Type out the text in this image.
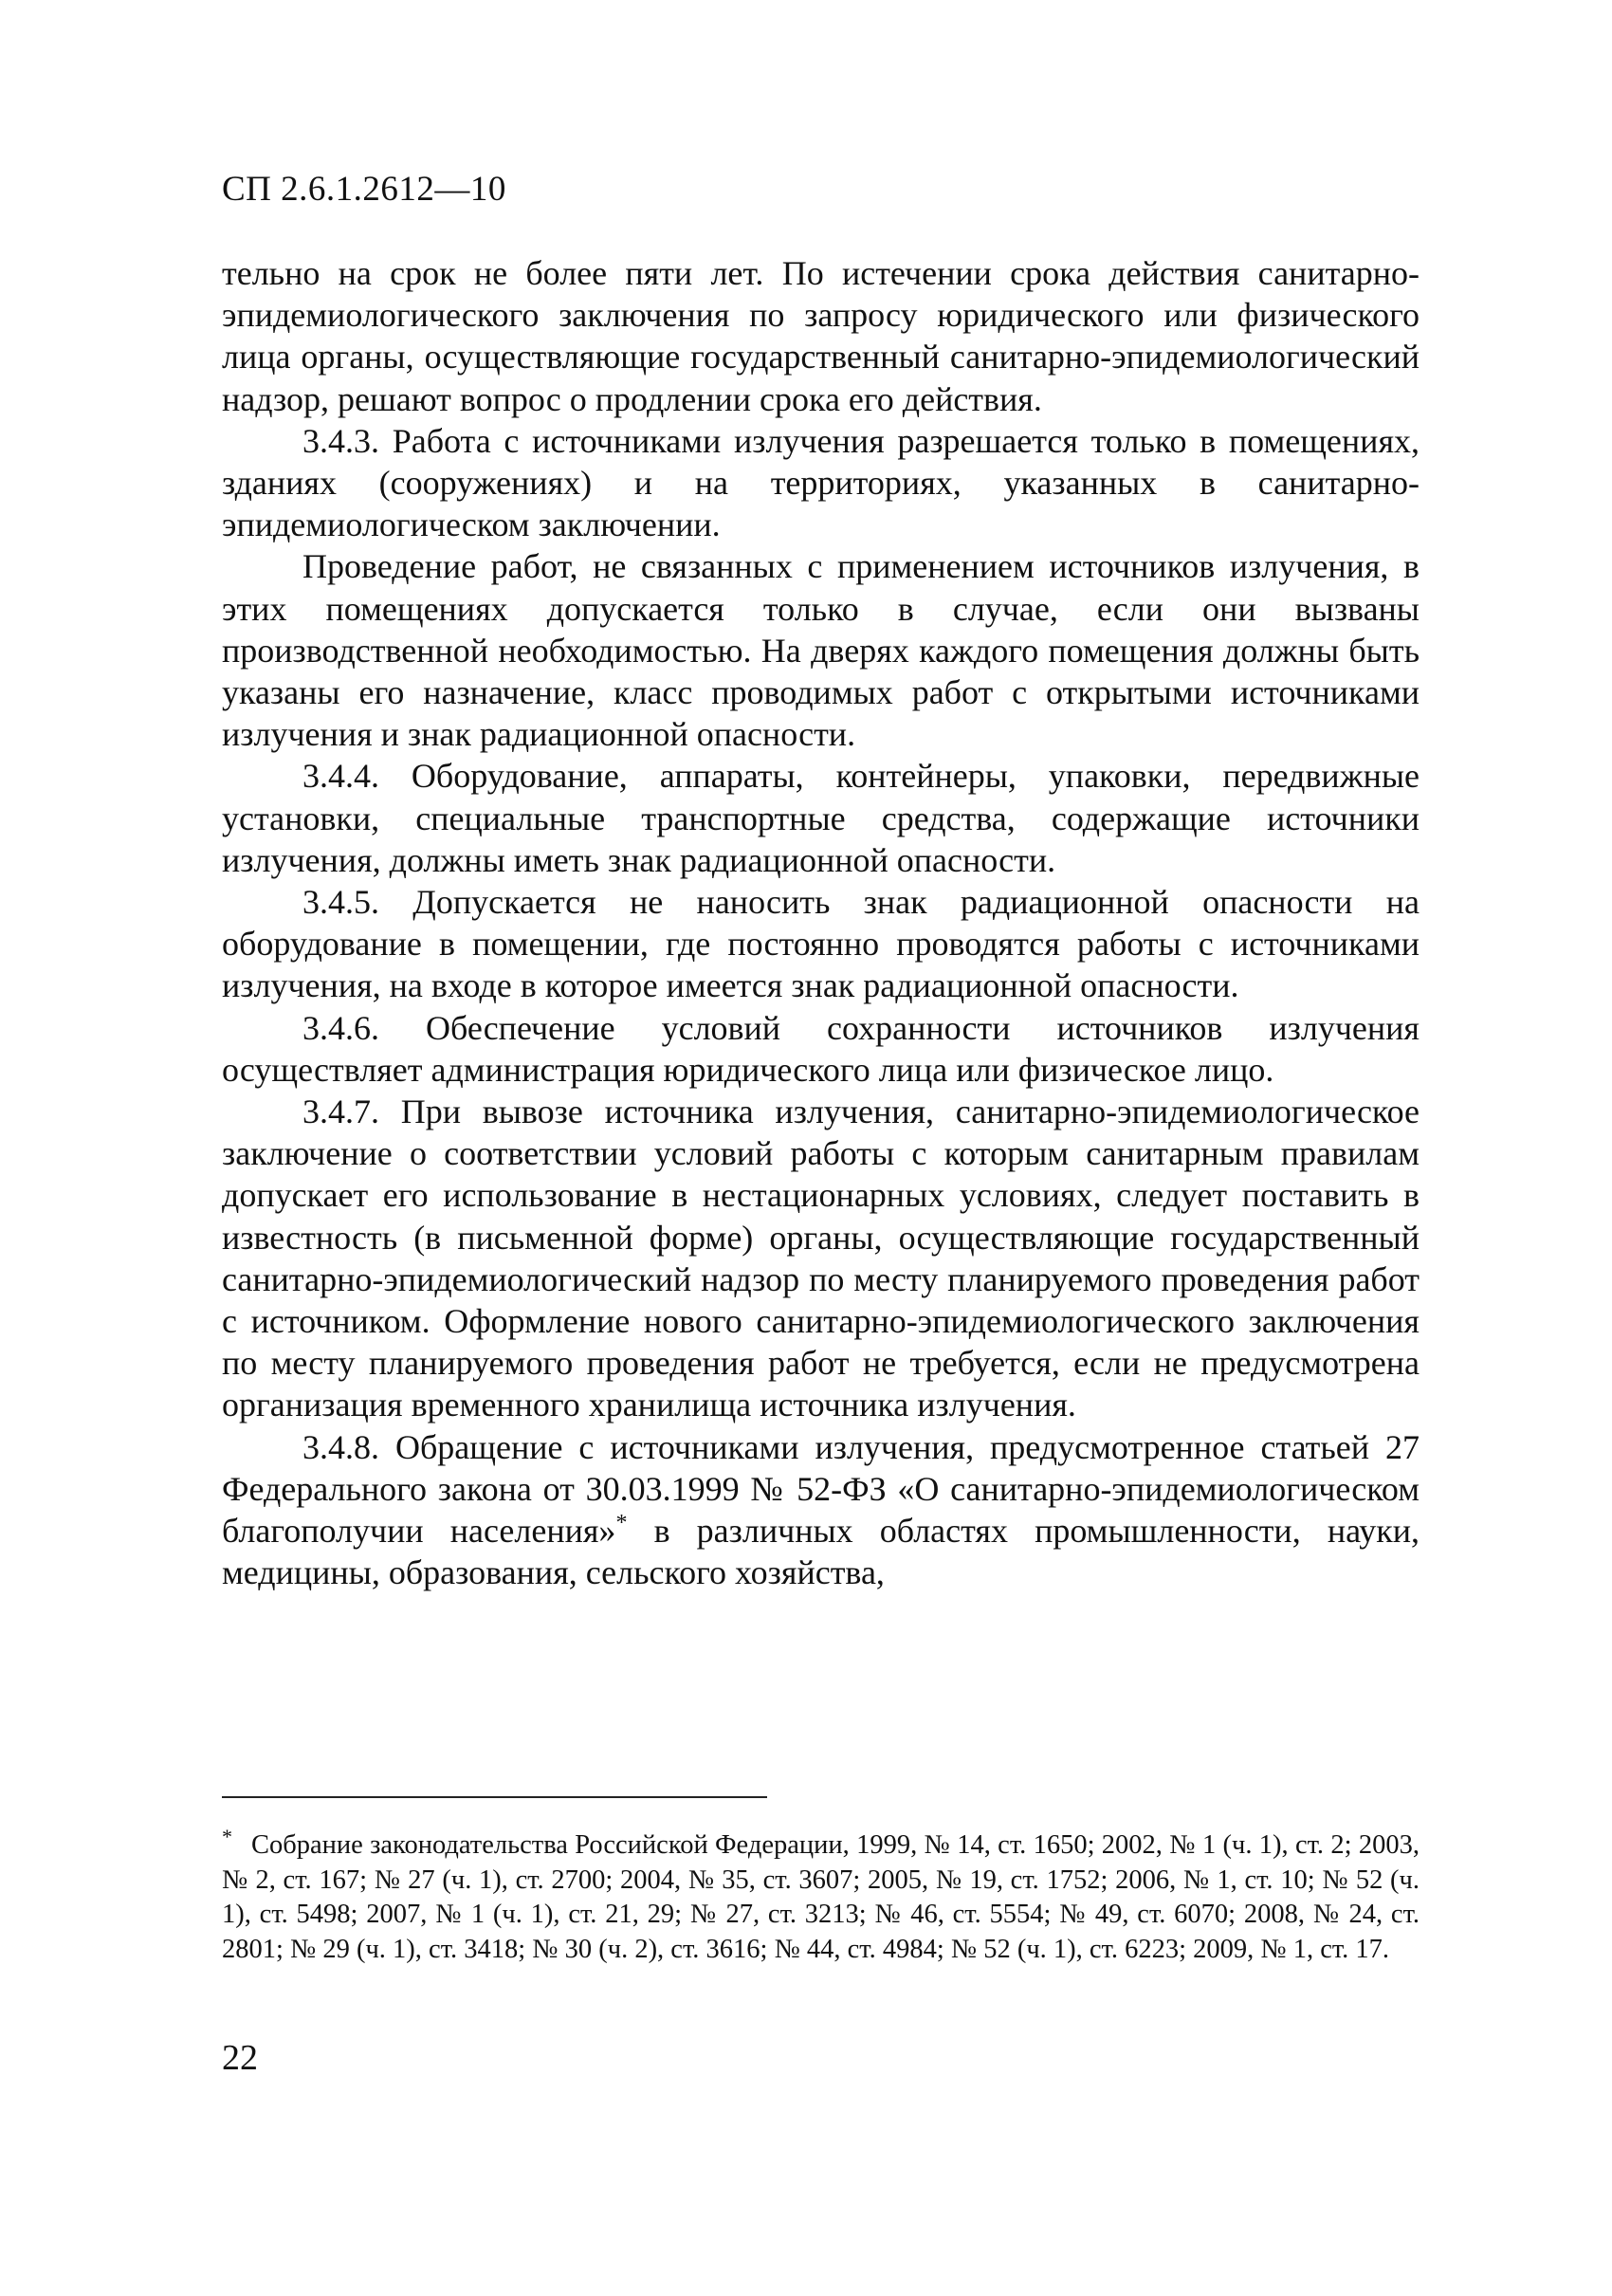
СП 2.6.1.2612—10

тельно на срок не более пяти лет. По истечении срока действия санитарно-эпидемиологического заключения по запросу юридического или физического лица органы, осуществляющие государственный санитарно-эпидемиологический надзор, решают вопрос о продлении срока его действия.

3.4.3. Работа с источниками излучения разрешается только в помещениях, зданиях (сооружениях) и на территориях, указанных в санитарно-эпидемиологическом заключении.

Проведение работ, не связанных с применением источников излучения, в этих помещениях допускается только в случае, если они вызваны производственной необходимостью. На дверях каждого помещения должны быть указаны его назначение, класс проводимых работ с открытыми источниками излучения и знак радиационной опасности.

3.4.4. Оборудование, аппараты, контейнеры, упаковки, передвижные установки, специальные транспортные средства, содержащие источники излучения, должны иметь знак радиационной опасности.

3.4.5. Допускается не наносить знак радиационной опасности на оборудование в помещении, где постоянно проводятся работы с источниками излучения, на входе в которое имеется знак радиационной опасности.

3.4.6. Обеспечение условий сохранности источников излучения осуществляет администрация юридического лица или физическое лицо.

3.4.7. При вывозе источника излучения, санитарно-эпидемиологическое заключение о соответствии условий работы с которым санитарным правилам допускает его использование в нестационарных условиях, следует поставить в известность (в письменной форме) органы, осуществляющие государственный санитарно-эпидемиологический надзор по месту планируемого проведения работ с источником. Оформление нового санитарно-эпидемиологического заключения по месту планируемого проведения работ не требуется, если не предусмотрена организация временного хранилища источника излучения.

3.4.8. Обращение с источниками излучения, предусмотренное статьей 27 Федерального закона от 30.03.1999 № 52-ФЗ «О санитарно-эпидемиологическом благополучии населения»* в различных областях промышленности, науки, медицины, образования, сельского хозяйства,

* Собрание законодательства Российской Федерации, 1999, № 14, ст. 1650; 2002, № 1 (ч. 1), ст. 2; 2003, № 2, ст. 167; № 27 (ч. 1), ст. 2700; 2004, № 35, ст. 3607; 2005, № 19, ст. 1752; 2006, № 1, ст. 10; № 52 (ч. 1), ст. 5498; 2007, № 1 (ч. 1), ст. 21, 29; № 27, ст. 3213; № 46, ст. 5554; № 49, ст. 6070; 2008, № 24, ст. 2801; № 29 (ч. 1), ст. 3418; № 30 (ч. 2), ст. 3616; № 44, ст. 4984; № 52 (ч. 1), ст. 6223; 2009, № 1, ст. 17.
22
